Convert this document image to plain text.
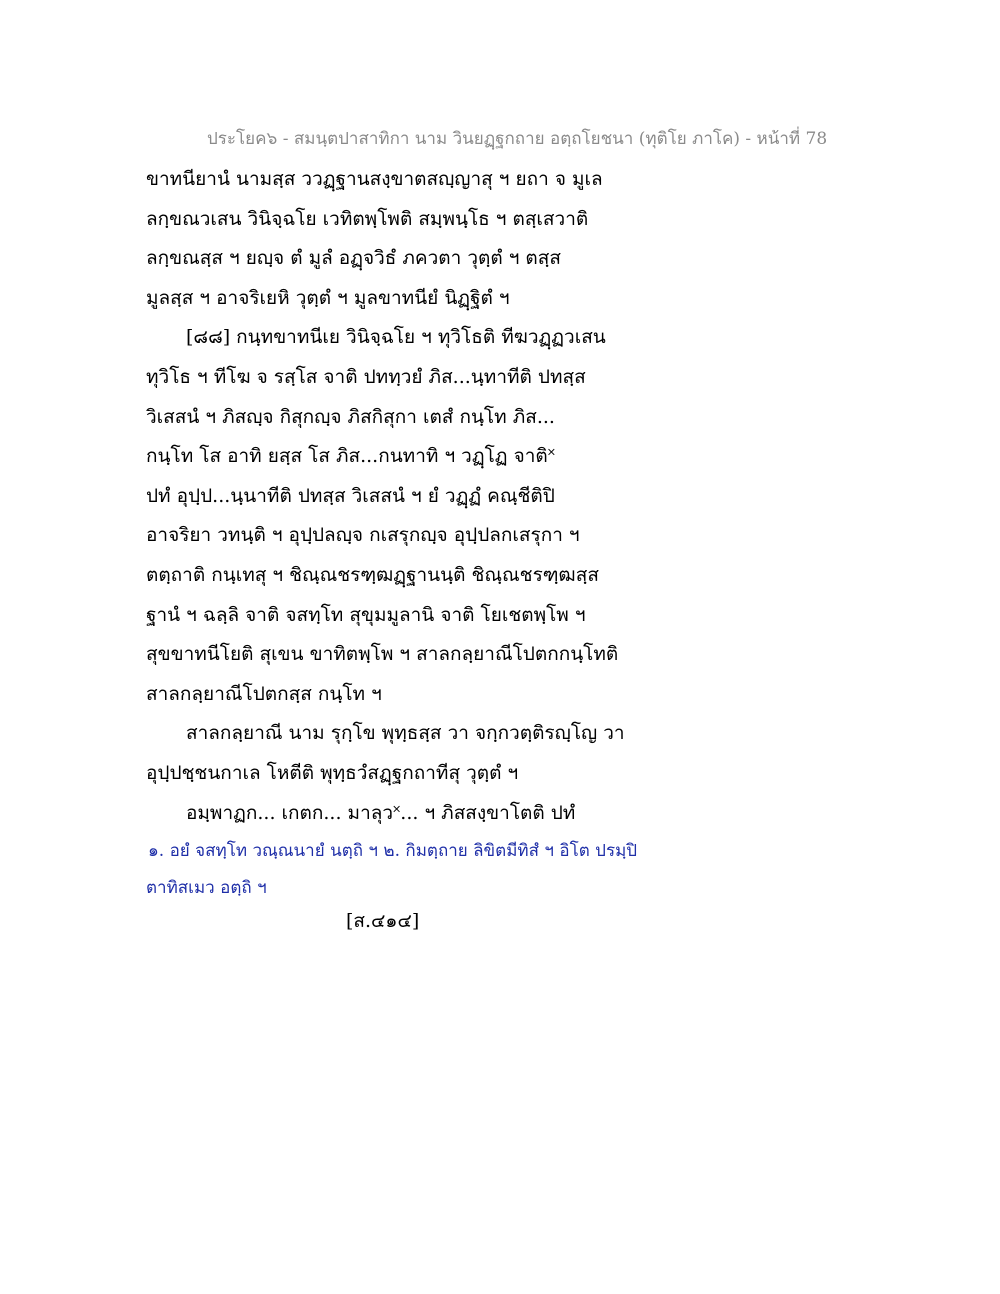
ประโยค๖ - สมนฺตปาสาทิกา นาม วินยฏฺฐกถาย อตฺถโยชนา (ทุติโย ภาโค) - หน้าที่ 78
ขาทนียานํ นามสฺส ววฏฺฐานสงฺขาตสญฺญาสุ ฯ ยถา จ มูเล
ลกฺขณวเสน วินิจฺฉโย เวทิตพฺโพติ สมฺพนฺโธ ฯ ตสฺเสวาติ
ลกฺขณสฺส ฯ ยญฺจ ตํ มูลํ อฏฺจวิธํ ภควตา วุตฺตํ ฯ ตสฺส
มูลสฺส ฯ อาจริเยหิ วุตฺตํ ฯ มูลขาทนียํ นิฏฺฐิตํ ฯ
[๘๘] กนฺทขาทนีเย วินิจฺฉโย ฯ ทุวิโธติ ทีฆวฏฺฏวเสน
ทุวิโธ ฯ ทีโฆ จ รสฺโส จาติ ปททฺวยํ ภิส...นฺทาทีติ ปทสฺส
วิเสสนํ ฯ ภิสญฺจ กิสุกญฺจ ภิสกิสุกา เตสํ กนฺโท ภิส...
กนฺโท โส อาทิ ยสฺส โส ภิส...กนทาทิ ฯ วฏฺโฏ จาติ˟
ปทํ อุปฺป...นฺนาทีติ ปทสฺส วิเสสนํ ฯ ยํ วฏฺฏํ คณฺชีติปิ
อาจริยา วทนฺติ ฯ อุปฺปลญฺจ กเสรุกญฺจ อุปฺปลกเสรุกา ฯ
ตตฺถาติ กนฺเทสุ ฯ ชิณฺณชรฑฺฒฏฺฐานนฺติ ชิณฺณชรฑฺฒสฺส
ฐานํ ฯ ฉลฺลิ จาติ จสทฺโท สุขุมมูลานิ จาติ โยเชตพฺโพ ฯ
สุขขาทนีโยติ สุเขน ขาทิตพฺโพ ฯ สาลกลฺยาณีโปตกกนฺโทติ
สาลกลฺยาณีโปตกสฺส กนฺโท ฯ
สาลกลฺยาณี นาม รุกฺโข พุทฺธสฺส วา จกฺกวตฺติรญฺโญ วา
อุปฺปชฺชนกาเล โหตีติ พุทฺธวํสฏฺฐกถาทีสุ วุตฺตํ ฯ
อมฺพาฏก... เกตก... มาลุว˟... ฯ ภิสสงฺขาโตติ ปทํ
๑. อยํ จสทฺโท วณฺณนายํ นตฺถิ ฯ ๒. กิมตฺถาย ลิขิตมีทิสํ ฯ อิโต ปรมฺปิ
ตาทิสเมว อตฺถิ ฯ
[ส.๔๑๔]
